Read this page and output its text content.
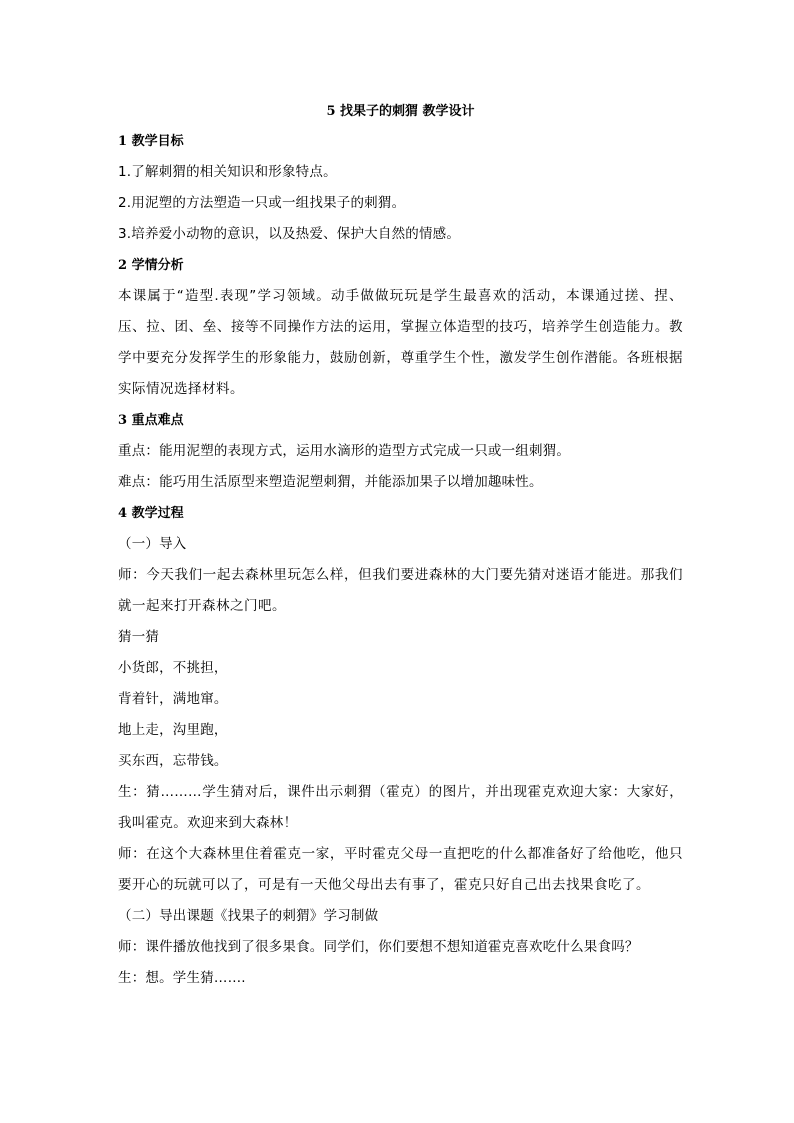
5 找果子的刺猬 教学设计

1 教学目标

1.了解刺猬的相关知识和形象特点。

2.用泥塑的方法塑造一只或一组找果子的刺猬。

3.培养爱小动物的意识，以及热爱、保护大自然的情感。

2 学情分析

本课属于“造型.表现”学习领域。动手做做玩玩是学生最喜欢的活动，本课通过搓、捏、压、拉、团、垒、接等不同操作方法的运用，掌握立体造型的技巧，培养学生创造能力。教学中要充分发挥学生的形象能力，鼓励创新，尊重学生个性，激发学生创作潜能。各班根据实际情况选择材料。

3 重点难点

重点：能用泥塑的表现方式，运用水滴形的造型方式完成一只或一组刺猬。

难点：能巧用生活原型来塑造泥塑刺猬，并能添加果子以增加趣味性。

4 教学过程

（一）导入

师：今天我们一起去森林里玩怎么样，但我们要进森林的大门要先猜对迷语才能进。那我们就一起来打开森林之门吧。

猜一猜

小货郎，不挑担，

背着针，满地窜。

地上走，沟里跑，

买东西，忘带钱。

生：猜………学生猜对后，课件出示刺猬（霍克）的图片，并出现霍克欢迎大家：大家好，我叫霍克。欢迎来到大森林！

师：在这个大森林里住着霍克一家，平时霍克父母一直把吃的什么都准备好了给他吃，他只要开心的玩就可以了，可是有一天他父母出去有事了，霍克只好自己出去找果食吃了。

（二）导出课题《找果子的刺猬》学习制做

师：课件播放他找到了很多果食。同学们，你们要想不想知道霍克喜欢吃什么果食吗？

生：想。学生猜…….
